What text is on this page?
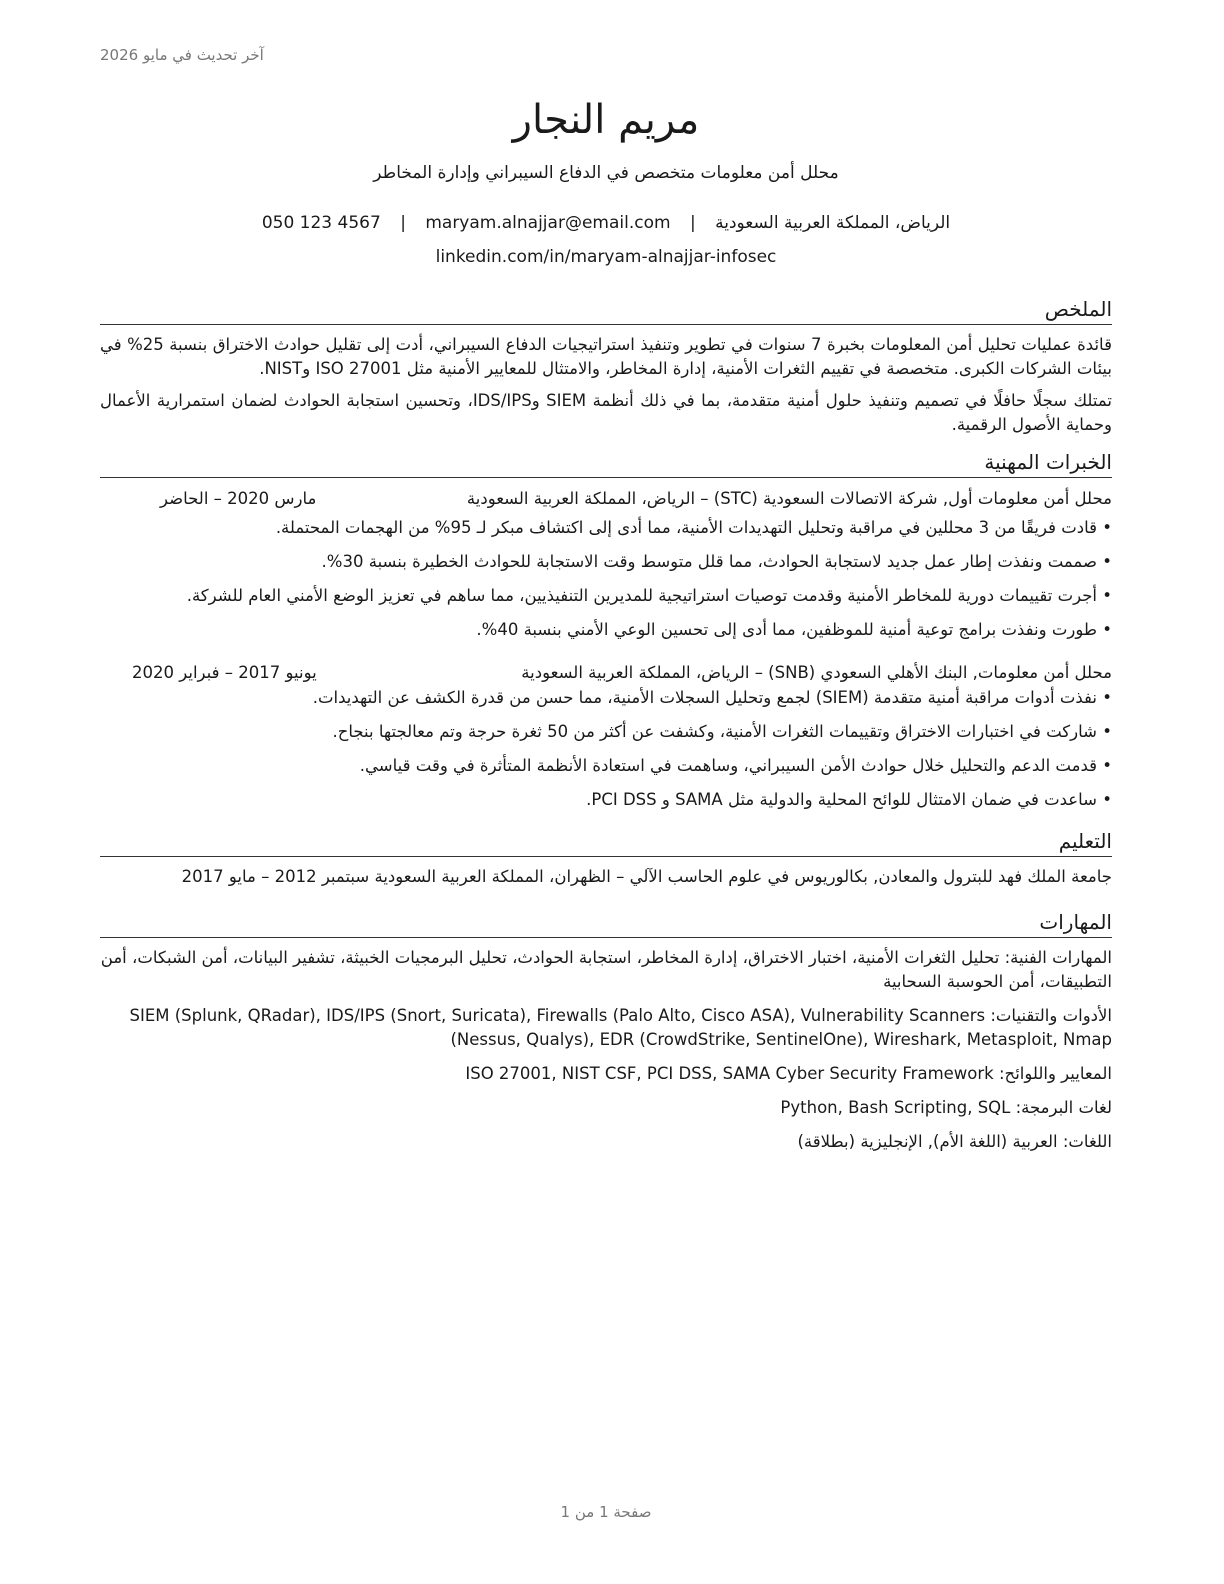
آخر تحديث في مايو 2026
مريم النجار
محلل أمن معلومات متخصص في الدفاع السيبراني وإدارة المخاطر
الرياض، المملكة العربية السعودية | maryam.alnajjar@email.com | 050 123 4567
linkedin.com/in/maryam-alnajjar-infosec
الملخص

قائدة عمليات تحليل أمن المعلومات بخبرة 7 سنوات في تطوير وتنفيذ استراتيجيات الدفاع السيبراني، أدت إلى تقليل حوادث الاختراق بنسبة 25% في بيئات الشركات الكبرى. متخصصة في تقييم الثغرات الأمنية، إدارة المخاطر، والامتثال للمعايير الأمنية مثل ISO 27001 وNIST.

تمتلك سجلًا حافلًا في تصميم وتنفيذ حلول أمنية متقدمة، بما في ذلك أنظمة SIEM وIDS/IPS، وتحسين استجابة الحوادث لضمان استمرارية الأعمال وحماية الأصول الرقمية.

الخبرات المهنية
محلل أمن معلومات أول, شركة الاتصالات السعودية (STC) – الرياض، المملكة العربية السعودية
مارس 2020 – الحاضر
•
قادت فريقًا من 3 محللين في مراقبة وتحليل التهديدات الأمنية، مما أدى إلى اكتشاف مبكر لـ 95% من الهجمات المحتملة.
•
صممت ونفذت إطار عمل جديد لاستجابة الحوادث، مما قلل متوسط وقت الاستجابة للحوادث الخطيرة بنسبة 30%.
•
أجرت تقييمات دورية للمخاطر الأمنية وقدمت توصيات استراتيجية للمديرين التنفيذيين، مما ساهم في تعزيز الوضع الأمني العام للشركة.
•
طورت ونفذت برامج توعية أمنية للموظفين، مما أدى إلى تحسين الوعي الأمني بنسبة 40%.
محلل أمن معلومات, البنك الأهلي السعودي (SNB) – الرياض، المملكة العربية السعودية
يونيو 2017 – فبراير 2020
•
نفذت أدوات مراقبة أمنية متقدمة (SIEM) لجمع وتحليل السجلات الأمنية، مما حسن من قدرة الكشف عن التهديدات.
•
شاركت في اختبارات الاختراق وتقييمات الثغرات الأمنية، وكشفت عن أكثر من 50 ثغرة حرجة وتم معالجتها بنجاح.
•
قدمت الدعم والتحليل خلال حوادث الأمن السيبراني، وساهمت في استعادة الأنظمة المتأثرة في وقت قياسي.
•
ساعدت في ضمان الامتثال للوائح المحلية والدولية مثل SAMA و PCI DSS.
التعليم
جامعة الملك فهد للبترول والمعادن, بكالوريوس في علوم الحاسب الآلي – الظهران، المملكة العربية السعودية سبتمبر 2012 – مايو 2017
المهارات
المهارات الفنية: تحليل الثغرات الأمنية، اختبار الاختراق، إدارة المخاطر، استجابة الحوادث، تحليل البرمجيات الخبيثة، تشفير البيانات، أمن الشبكات، أمن التطبيقات، أمن الحوسبة السحابية
الأدوات والتقنيات: SIEM (Splunk, QRadar), IDS/IPS (Snort, Suricata), Firewalls (Palo Alto, Cisco ASA), Vulnerability Scanners (Nessus, Qualys), EDR (CrowdStrike, SentinelOne), Wireshark, Metasploit, Nmap
المعايير واللوائح: ISO 27001, NIST CSF, PCI DSS, SAMA Cyber Security Framework
لغات البرمجة: Python, Bash Scripting, SQL
اللغات: العربية (اللغة الأم), الإنجليزية (بطلاقة)
صفحة 1 من 1
